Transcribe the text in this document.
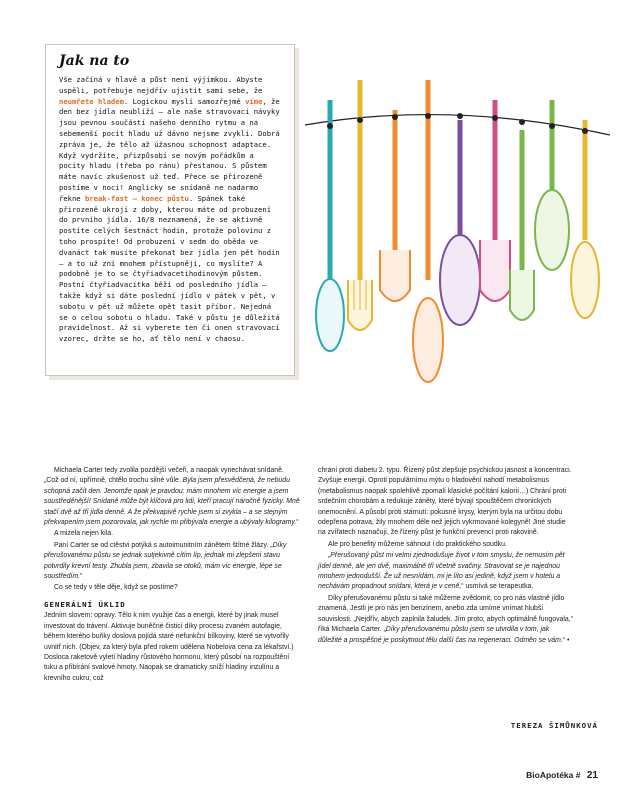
Jak na to

Vše začíná v hlavě a půst není výjimkou. Abyste uspěli, potřebuje nejdřív ujistit sami sebe, že neumřete hladem. Logickou myslí samozřejmě víme, že den bez jídla neublíží – ale naše stravovací návyky jsou pevnou součástí našeho denního rytmu a na sebemenší pocit hladu už dávno nejsme zvyklí. Dobrá zpráva je, že tělo až úžasnou schopnost adaptace. Když vydržíte, přizpůsobí se novým pořádkům a pocity hladu (třeba po ránu) přestanou. S půstem máte navíc zkušenost už teď. Přece se přirozeně postíme v noci! Anglicky se snídaně ne nadarmo řekne break-fast – konec půstu. Spánek také přirozeně ukrojí z doby, kterou máte od probuzení do prvního jídla. 16/8 neznamená, že se aktivně postíte celých šestnáct hodin, protože polovinu z toho prospíte! Od probuzení v sedm do oběda ve dvanáct tak musíte překonat bez jídla jen pět hodin – a to už zní mnohem přístupněji, co myslíte? A podobně je to se čtyřiadvacetihodinovým půstem. Postní čtyřiadvacítka běží od posledního jídla – takže když si dáte poslední jídlo v pátek v pět, v sobotu v pět už můžete opět tasit příbor. Nejedná se o celou sobotu o hladu. Také v půstu je důležitá pravidelnost. Až si vyberete ten či onen stravovací vzorec, držte se ho, ať tělo není v chaosu.

Michaela Carter tedy zvolila pozdější večeři, a naopak vynechávat snídaně. „Což od ní, upřímně, chtělo trochu silné vůle. Byla jsem přesvědčená, že nebudu schopná začít den. Jenomže opak je pravdou: mám mnohem víc energie a jsem soustředěnější! Snídaně může být klíčová pro lidi, kteří pracují náročně fyzicky. Mně stačí dvě až tři jídla denně. A že překvapivě rychle jsem si zvykla – a se stejným překvapením jsem pozorovala, jak rychle mi přibývala energie a ubývaly kilogramy.“

A mizela nejen kila.

Paní Carter se od ctěstvi potýká s autoimunitním zánětem štítné žlázy. „Díky přerušovanému půstu se jednak sutjekivně cítím líp, jednak mi zlepšení stavu potvrdily krevní testy. Zhubla jsem, zbavila se otoků, mám víc energie, lépe se soustředím.“

Co se tedy v těle děje, když se postíme?

GENERÁLNÍ ÚKLID

Jedním slovem: opravy. Tělo k nim využije čas a energii, které by jinak musel investovat do trávení. Aktivuje buněčné čisticí díky procesu zvaném autofagie, během kterého buňky doslova pojídá staré nefunkční bílkoviny, které se vytvořily uvnitř nich. (Objev, za který byla před rokem udělena Nobelova cena za lékařství.) Dosloca raketově vyletí hladiny růstového hormonu, který působí na rozpouštění tuku a přibírání svalové hmoty. Naopak se dramaticky sníží hladiny inzulínu a krevního cukru, což

chrání proti diabetu 2. typu. Řízený půst zlepšuje psychickou jasnost a koncentraci. Zvyšuje energii. Oproti populárnímu mýtu o hladovění nahodí metabolismus (metabolismus naopak spolehlivě zpomalí klasické počítání kalorií…) Chrání proti srdečním chorobám a redukuje záněty, které bývají spouštěčem chronických onemocnění. A působí proti stárnutí: pokusné krysy, kterým byla na určitou dobu odepřena potrava, žily mnohem déle než jejich vykrmované kolegyně! Jiné studie na zvířatech naznačují, že řízený půst je funkční prevencí proti rakovině.

Ale pro benefity můžeme sáhnout i do praktického soudku.

„Přerušovaný půst mi velmi zjednodušuje život v tom smyslu, že nemusím pět jídel denně, ale jen dvě, maximálně tři včetně svačiny. Stravovat se je najednou mnohem jednodušší. Že už nesnídám, mi je líto asi jedině, když jsem v hotelu a nechávám propadnout snídani, která je v ceně,“ usmívá se terapeutka.

Díky přerušovanému půstu si také můžeme zvědomit, co pro nás vlastně jídlo znamená. Jestli je pro nás jen benzínem, anebo zda umíme vnímat hlubší souvislosti. „Nejdřív, abych zaplnila žaludek. Jím proto, abych optimálně fungovala,“ říká Michaela Carter. „Díky přerušovanému půstu jsem se utvrdila v tom, jak důležité a prospěšné je poskytnout tělu další čas na regeneraci. Odměn se vám.“ •

TEREZA ŠIMŮNKOVÁ
BioApotéka # 21
